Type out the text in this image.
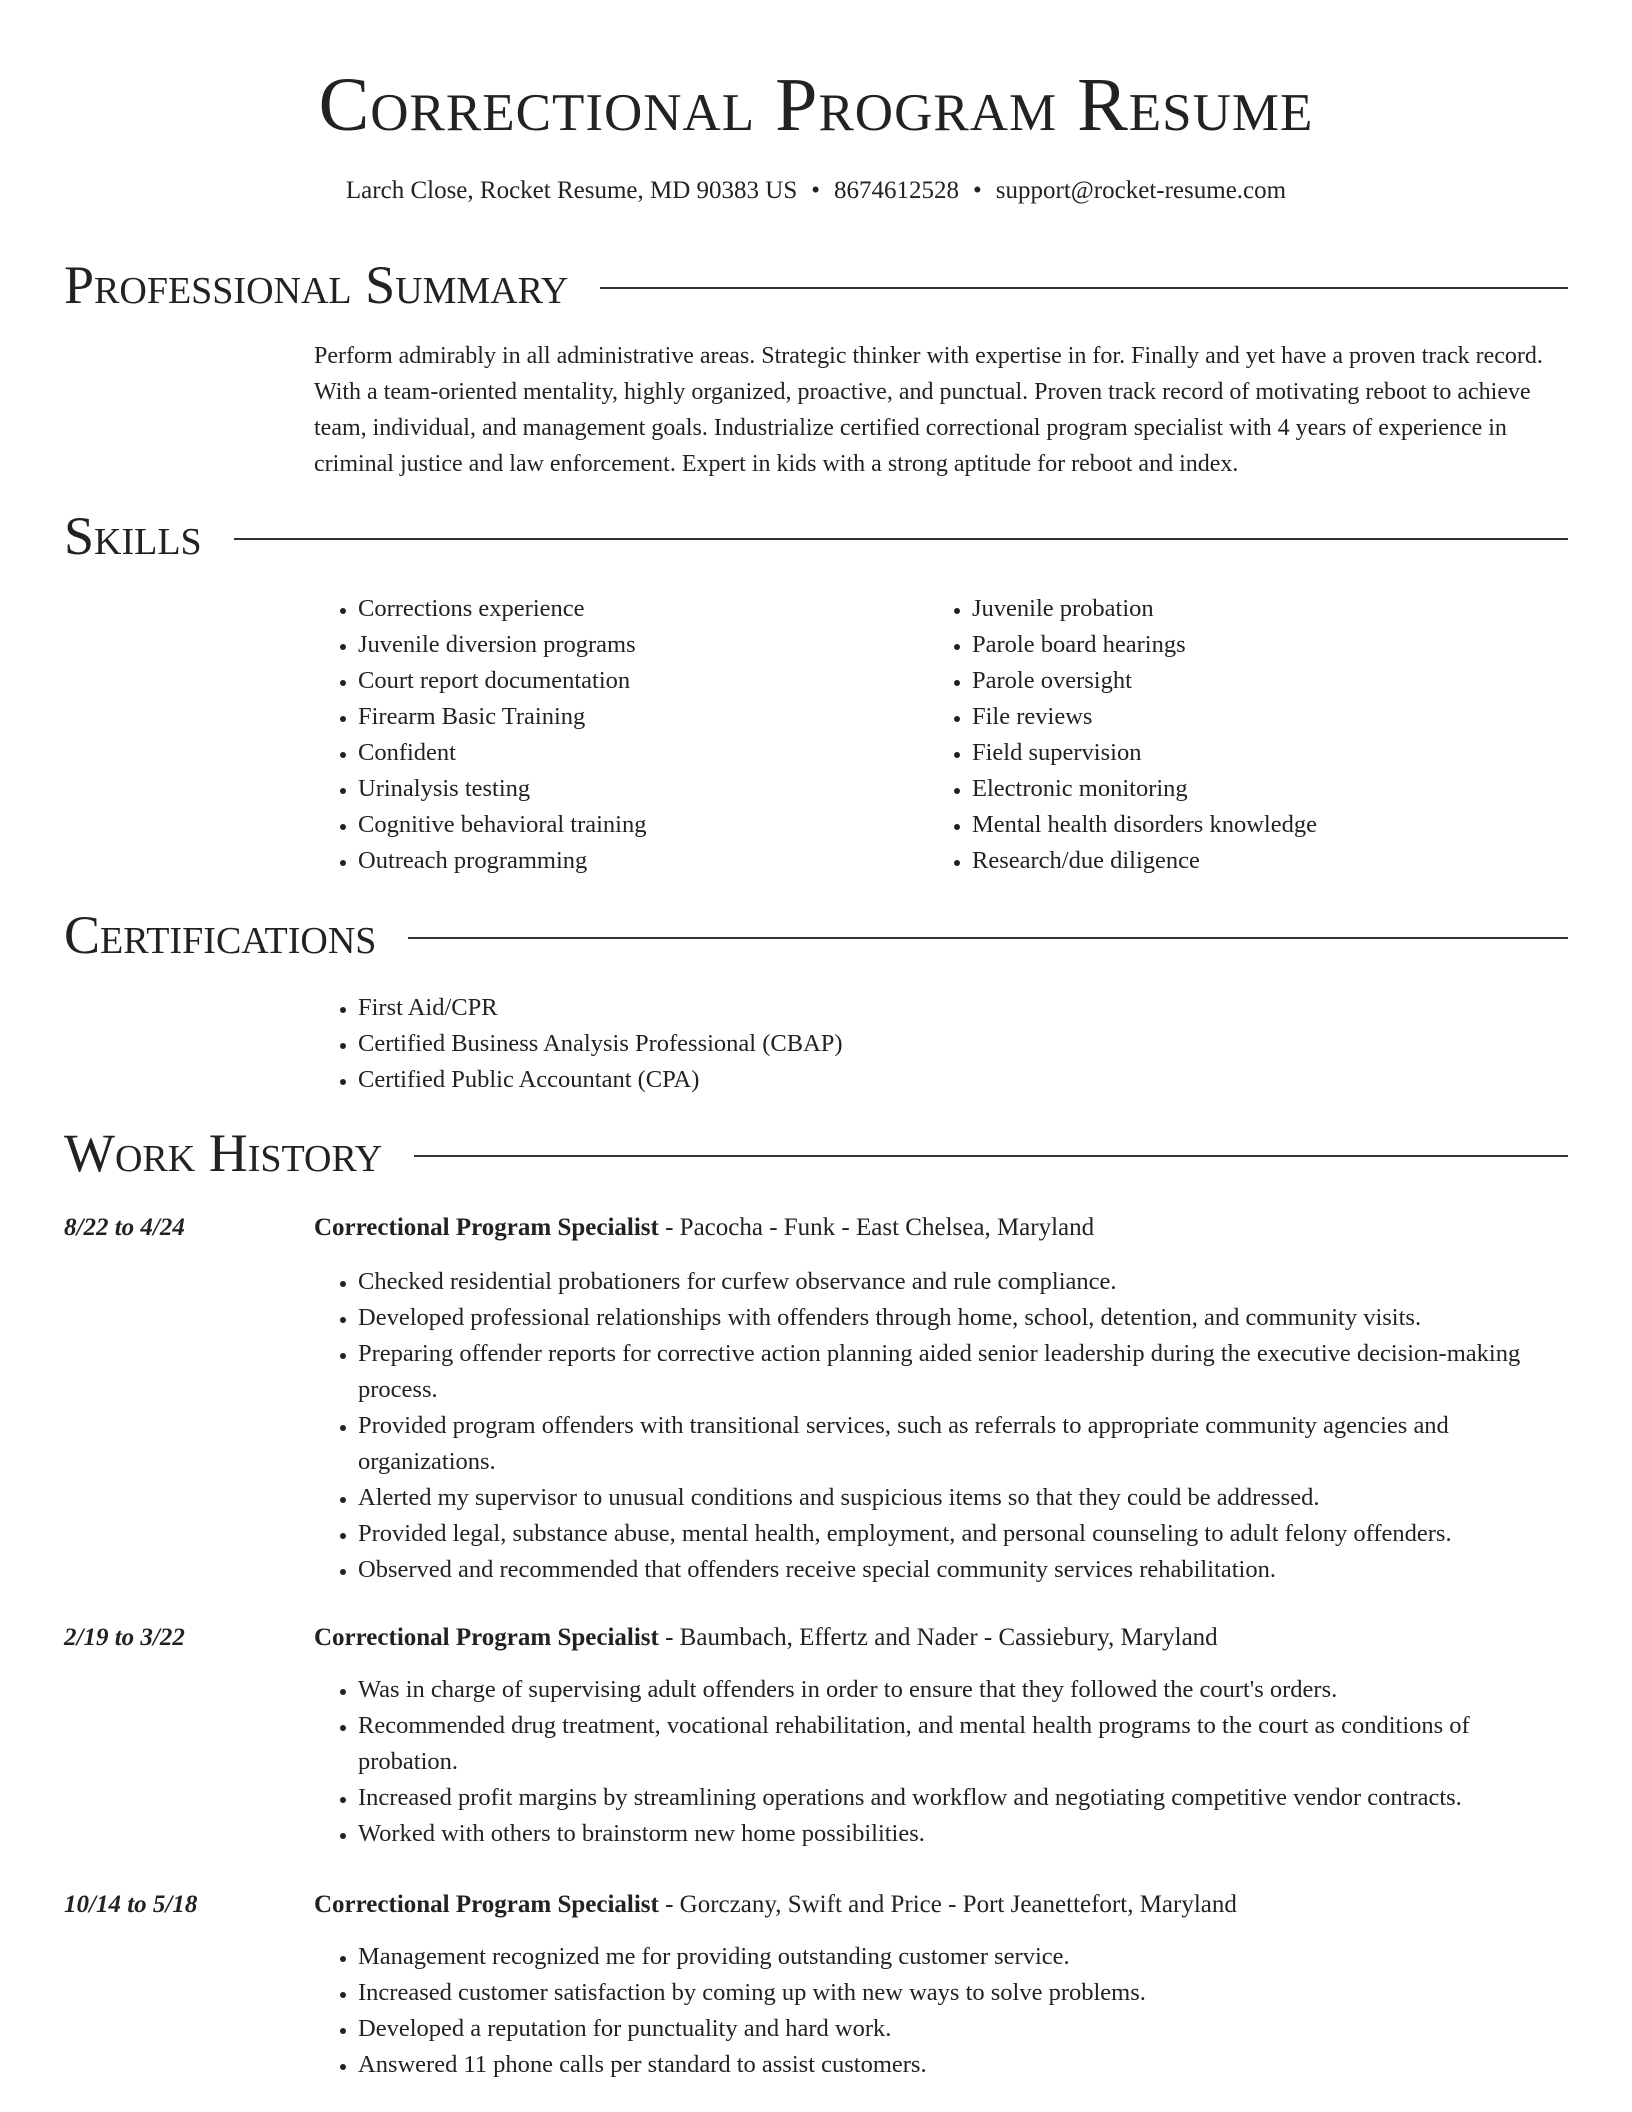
Correctional Program Resume
Larch Close, Rocket Resume, MD 90383 US • 8674612528 • support@rocket-resume.com
Professional Summary

Perform admirably in all administrative areas. Strategic thinker with expertise in for. Finally and yet have a proven track record. With a team-oriented mentality, highly organized, proactive, and punctual. Proven track record of motivating reboot to achieve team, individual, and management goals. Industrialize certified correctional program specialist with 4 years of experience in criminal justice and law enforcement. Expert in kids with a strong aptitude for reboot and index.

Skills
• Corrections experience
• Juvenile diversion programs
• Court report documentation
• Firearm Basic Training
• Confident
• Urinalysis testing
• Cognitive behavioral training
• Outreach programming
• Juvenile probation
• Parole board hearings
• Parole oversight
• File reviews
• Field supervision
• Electronic monitoring
• Mental health disorders knowledge
• Research/due diligence
Certifications
• First Aid/CPR
• Certified Business Analysis Professional (CBAP)
• Certified Public Accountant (CPA)
Work History
8/22 to 4/24	Correctional Program Specialist - Pacocha - Funk - East Chelsea, Maryland
• Checked residential probationers for curfew observance and rule compliance.
• Developed professional relationships with offenders through home, school, detention, and community visits.
• Preparing offender reports for corrective action planning aided senior leadership during the executive decision-making process.
• Provided program offenders with transitional services, such as referrals to appropriate community agencies and organizations.
• Alerted my supervisor to unusual conditions and suspicious items so that they could be addressed.
• Provided legal, substance abuse, mental health, employment, and personal counseling to adult felony offenders.
• Observed and recommended that offenders receive special community services rehabilitation.
2/19 to 3/22	Correctional Program Specialist - Baumbach, Effertz and Nader - Cassiebury, Maryland
• Was in charge of supervising adult offenders in order to ensure that they followed the court's orders.
• Recommended drug treatment, vocational rehabilitation, and mental health programs to the court as conditions of probation.
• Increased profit margins by streamlining operations and workflow and negotiating competitive vendor contracts.
• Worked with others to brainstorm new home possibilities.
10/14 to 5/18	Correctional Program Specialist - Gorczany, Swift and Price - Port Jeanettefort, Maryland
• Management recognized me for providing outstanding customer service.
• Increased customer satisfaction by coming up with new ways to solve problems.
• Developed a reputation for punctuality and hard work.
• Answered 11 phone calls per standard to assist customers.
